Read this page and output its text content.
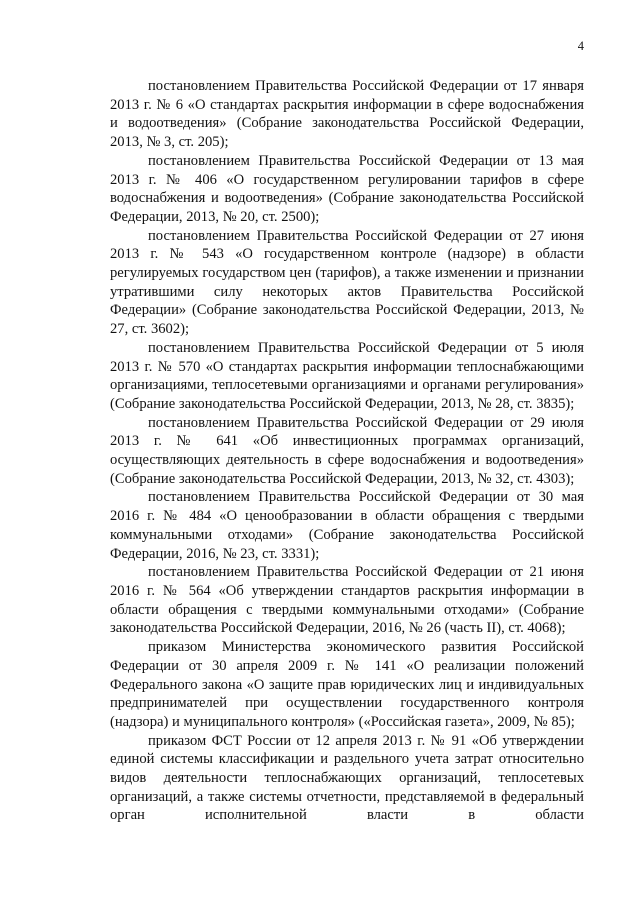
4

постановлением Правительства Российской Федерации от 17 января 2013 г. № 6 «О стандартах раскрытия информации в сфере водоснабжения и водоотведения» (Собрание законодательства Российской Федерации, 2013, № 3, ст. 205);

постановлением Правительства Российской Федерации от 13 мая 2013 г. № 406 «О государственном регулировании тарифов в сфере водоснабжения и водоотведения» (Собрание законодательства Российской Федерации, 2013, № 20, ст. 2500);

постановлением Правительства Российской Федерации от 27 июня 2013 г. № 543 «О государственном контроле (надзоре) в области регулируемых государством цен (тарифов), а также изменении и признании утратившими силу некоторых актов Правительства Российской Федерации» (Собрание законодательства Российской Федерации, 2013, № 27, ст. 3602);

постановлением Правительства Российской Федерации от 5 июля 2013 г. № 570 «О стандартах раскрытия информации теплоснабжающими организациями, теплосетевыми организациями и органами регулирования» (Собрание законодательства Российской Федерации, 2013, № 28, ст. 3835);

постановлением Правительства Российской Федерации от 29 июля 2013 г. № 641 «Об инвестиционных программах организаций, осуществляющих деятельность в сфере водоснабжения и водоотведения» (Собрание законодательства Российской Федерации, 2013, № 32, ст. 4303);

постановлением Правительства Российской Федерации от 30 мая 2016 г. № 484 «О ценообразовании в области обращения с твердыми коммунальными отходами» (Собрание законодательства Российской Федерации, 2016, № 23, ст. 3331);

постановлением Правительства Российской Федерации от 21 июня 2016 г. № 564 «Об утверждении стандартов раскрытия информации в области обращения с твердыми коммунальными отходами» (Собрание законодательства Российской Федерации, 2016, № 26 (часть II), ст. 4068);

приказом Министерства экономического развития Российской Федерации от 30 апреля 2009 г. № 141 «О реализации положений Федерального закона «О защите прав юридических лиц и индивидуальных предпринимателей при осуществлении государственного контроля (надзора) и муниципального контроля» («Российская газета», 2009, № 85);

приказом ФСТ России от 12 апреля 2013 г. № 91 «Об утверждении единой системы классификации и раздельного учета затрат относительно видов деятельности теплоснабжающих организаций, теплосетевых организаций, а также системы отчетности, представляемой в федеральный орган исполнительной власти в области
